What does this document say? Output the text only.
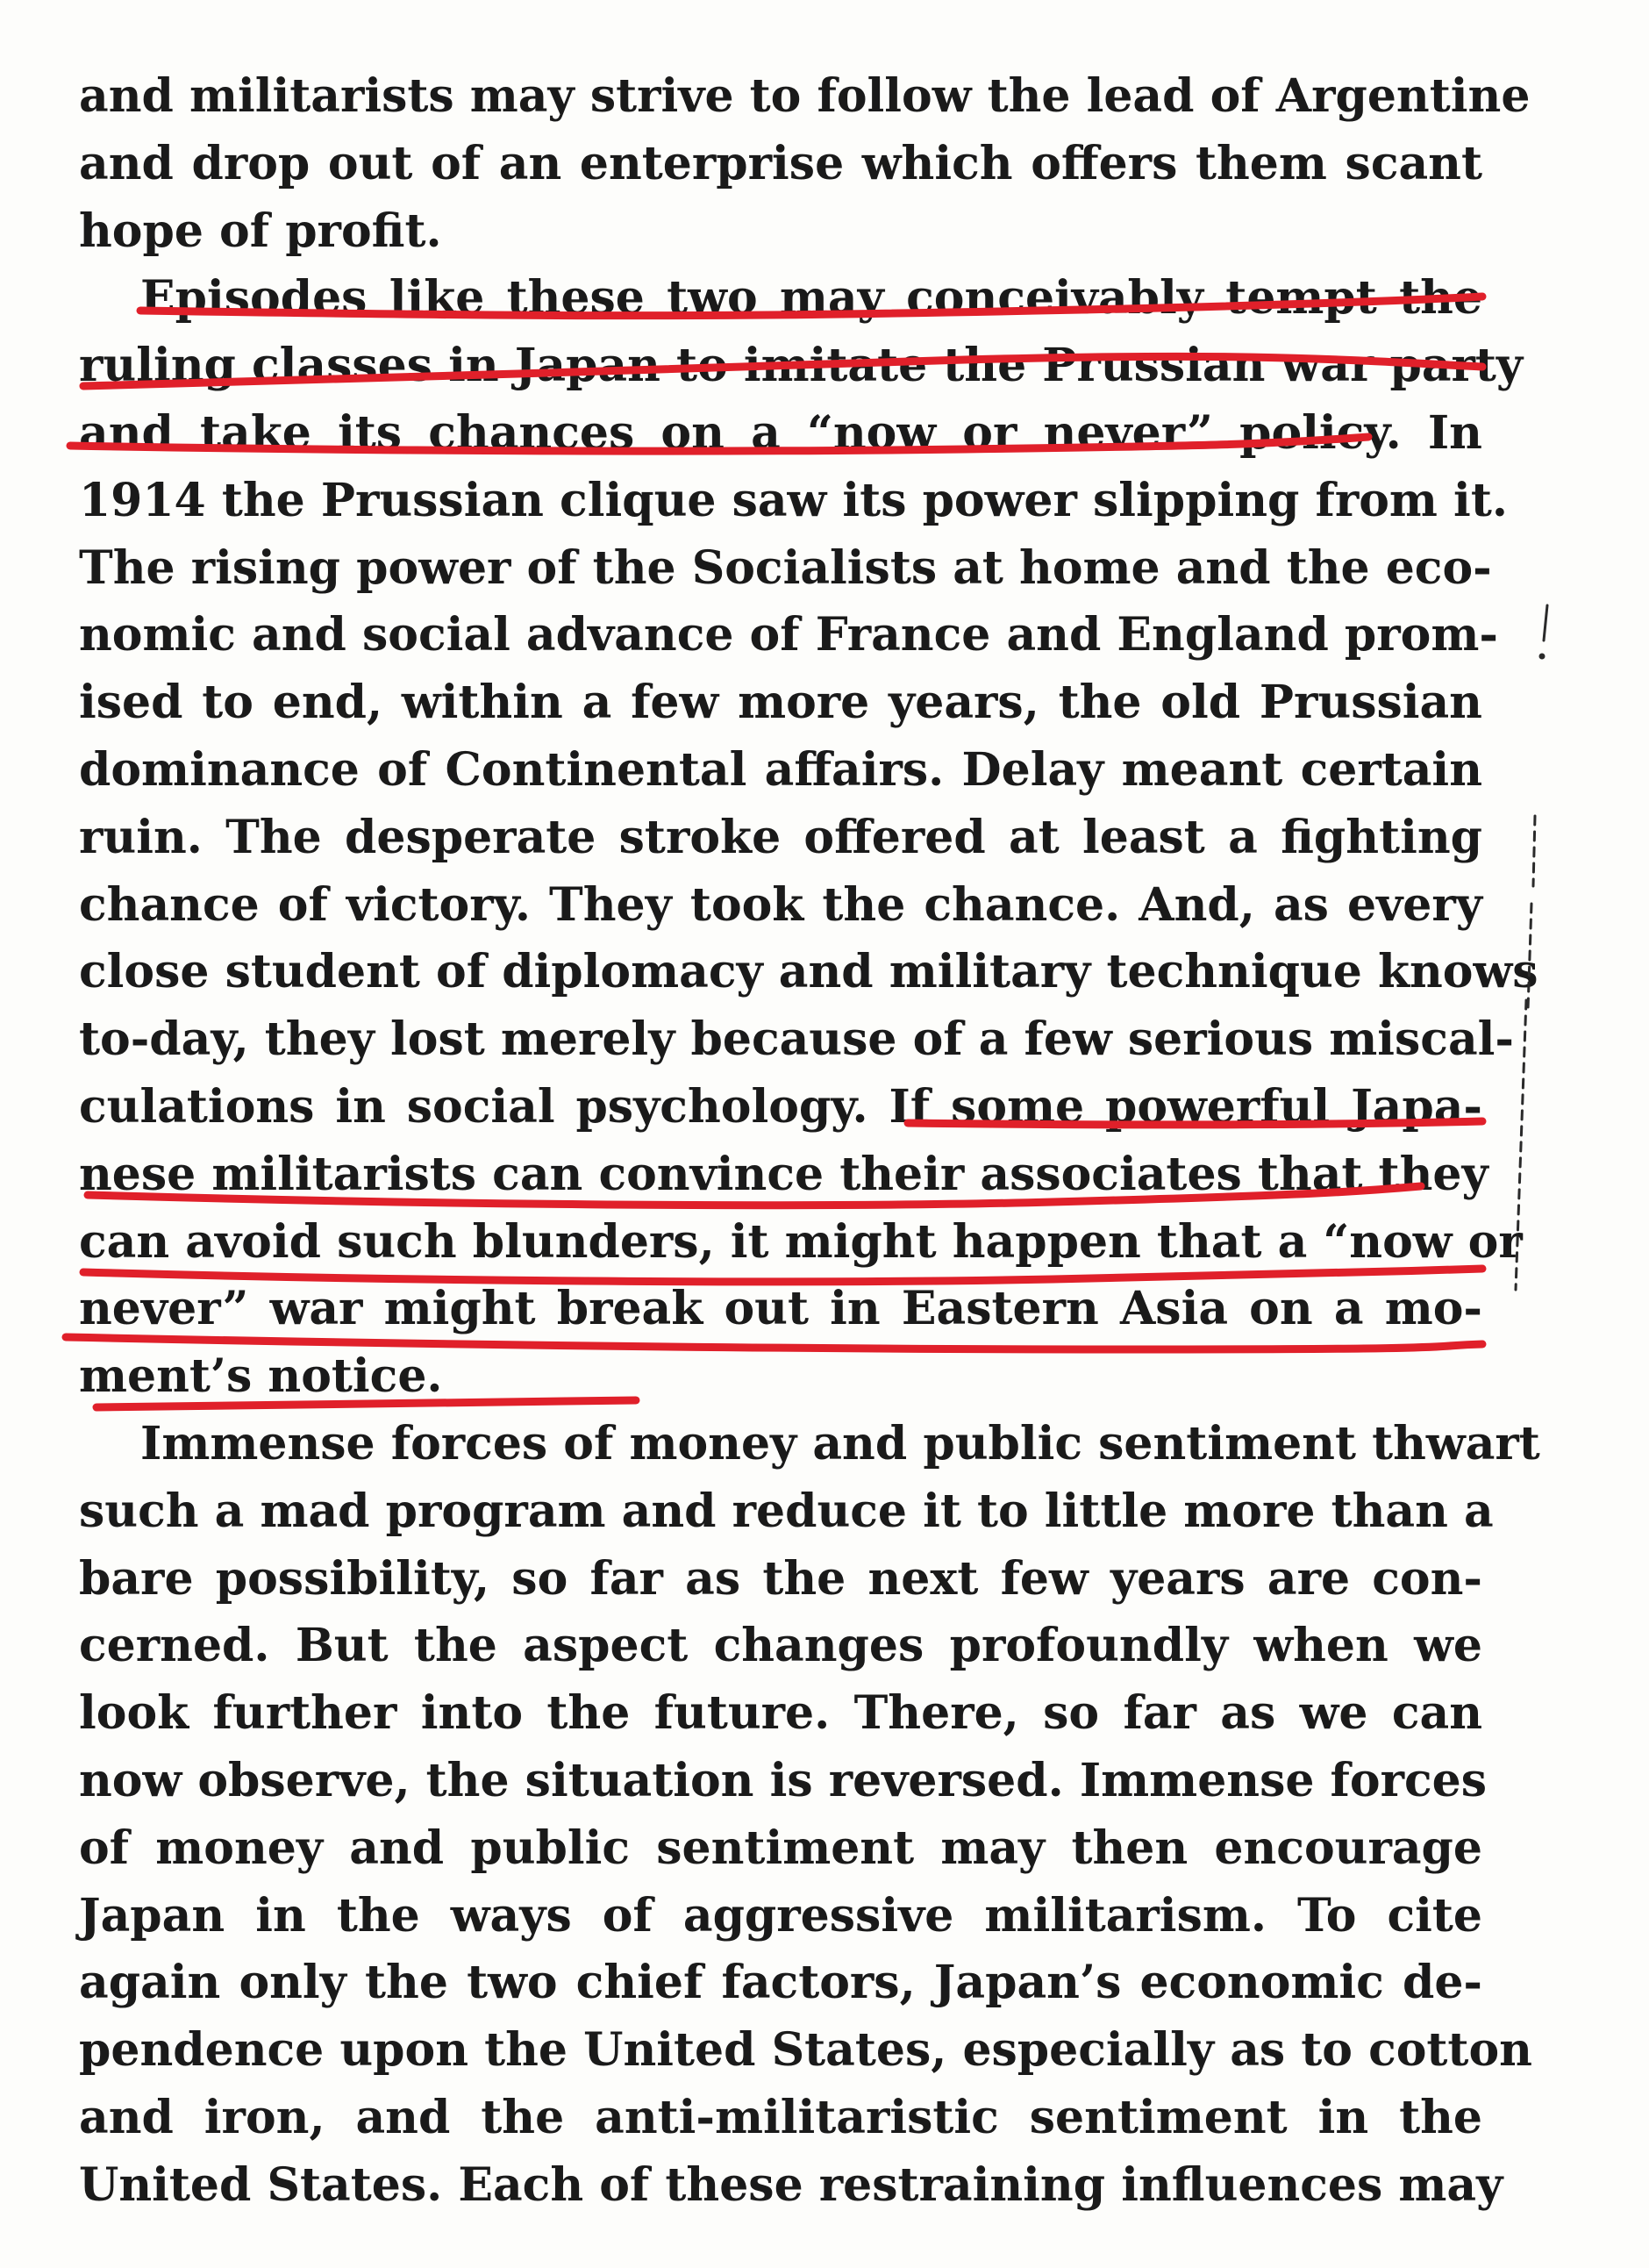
and militarists may strive to follow the lead of Argentine
and drop out of an enterprise which offers them scant
hope of profit.
Episodes like these two may conceivably tempt the
ruling classes in Japan to imitate the Prussian war party
and take its chances on a “now or never” policy. In
1914 the Prussian clique saw its power slipping from it.
The rising power of the Socialists at home and the eco-
nomic and social advance of France and England prom-
ised to end, within a few more years, the old Prussian
dominance of Continental affairs. Delay meant certain
ruin. The desperate stroke offered at least a fighting
chance of victory. They took the chance. And, as every
close student of diplomacy and military technique knows
to-day, they lost merely because of a few serious miscal-
culations in social psychology. If some powerful Japa-
nese militarists can convince their associates that they
can avoid such blunders, it might happen that a “now or
never” war might break out in Eastern Asia on a mo-
ment’s notice.
Immense forces of money and public sentiment thwart
such a mad program and reduce it to little more than a
bare possibility, so far as the next few years are con-
cerned. But the aspect changes profoundly when we
look further into the future. There, so far as we can
now observe, the situation is reversed. Immense forces
of money and public sentiment may then encourage
Japan in the ways of aggressive militarism. To cite
again only the two chief factors, Japan’s economic de-
pendence upon the United States, especially as to cotton
and iron, and the anti-militaristic sentiment in the
United States. Each of these restraining influences may
